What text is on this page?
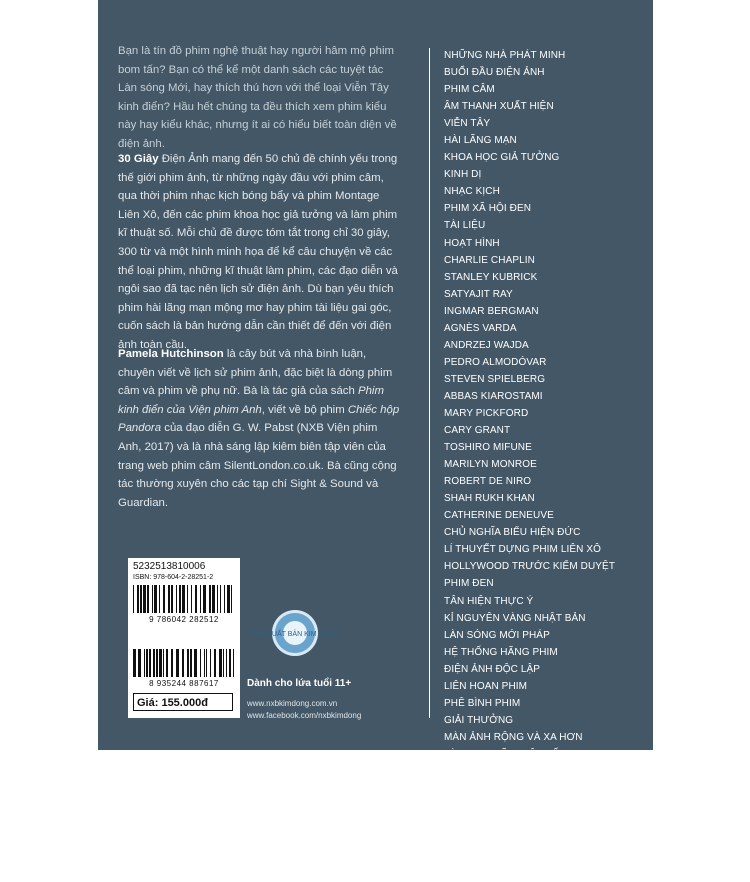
Bạn là tín đồ phim nghệ thuật hay người hâm mộ phim bom tấn? Bạn có thể kể một danh sách các tuyệt tác Làn sóng Mới, hay thích thú hơn với thể loại Viễn Tây kinh điển? Hầu hết chúng ta đều thích xem phim kiểu này hay kiểu khác, nhưng ít ai có hiểu biết toàn diện về điện ảnh.

30 Giây Điện Ảnh mang đến 50 chủ đề chính yếu trong thế giới phim ảnh, từ những ngày đầu với phim câm, qua thời phim nhạc kịch bóng bẩy và phim Montage Liên Xô, đến các phim khoa học giả tưởng và làm phim kĩ thuật số. Mỗi chủ đề được tóm tắt trong chỉ 30 giây, 300 từ và một hình minh họa để kể câu chuyện về các thể loại phim, những kĩ thuật làm phim, các đạo diễn và ngôi sao đã tạc nên lịch sử điện ảnh. Dù bạn yêu thích phim hài lãng mạn mộng mơ hay phim tài liệu gai góc, cuốn sách là bản hướng dẫn cần thiết để đến với điện ảnh toàn cầu.

Pamela Hutchinson là cây bút và nhà bình luận, chuyên viết về lịch sử phim ảnh, đặc biệt là dòng phim câm và phim về phụ nữ. Bà là tác giả của sách Phim kinh điển của Viện phim Anh, viết về bộ phim Chiếc hộp Pandora của đạo diễn G. W. Pabst (NXB Viện phim Anh, 2017) và là nhà sáng lập kiêm biên tập viên của trang web phim câm SilentLondon.co.uk. Bà cũng cộng tác thường xuyên cho các tạp chí Sight & Sound và Guardian.

NHỮNG NHÀ PHÁT MINH
BUỔI ĐẦU ĐIỆN ẢNH
PHIM CÂM
ÂM THANH XUẤT HIỆN
VIỄN TÂY
HÀI LÃNG MẠN
KHOA HỌC GIẢ TƯỞNG
KINH DỊ
NHẠC KỊCH
PHIM XÃ HỘI ĐEN
TÀI LIỆU
HOẠT HÌNH
CHARLIE CHAPLIN
STANLEY KUBRICK
SATYAJIT RAY
INGMAR BERGMAN
AGNÈS VARDA
ANDRZEJ WAJDA
PEDRO ALMODÓVAR
STEVEN SPIELBERG
ABBAS KIAROSTAMI
MARY PICKFORD
CARY GRANT
TOSHIRO MIFUNE
MARILYN MONROE
ROBERT DE NIRO
SHAH RUKH KHAN
CATHERINE DENEUVE
CHỦ NGHĨA BIỂU HIỆN ĐỨC
LÍ THUYẾT DỰNG PHIM LIÊN XÔ
HOLLYWOOD TRƯỚC KIỂM DUYỆT
PHIM ĐEN
TÂN HIỆN THỰC Ý
KỈ NGUYÊN VÀNG NHẬT BẢN
LÀN SÓNG MỚI PHÁP
HỆ THỐNG HÃNG PHIM
ĐIỆN ẢNH ĐỘC LẬP
LIÊN HOAN PHIM
PHÊ BÌNH PHIM
GIẢI THƯỞNG
MÀN ẢNH RỘNG VÀ XA HƠN
LÀM PHIM KĨ THUẬT SỐ
VIDEO GIA ĐÌNH
ĐIỆN ẢNH NGHỆ THUẬT
ĐIỆN ẢNH NỮ QUYỀN
ĐIỆN ẢNH QUEER MỚI
ĐIỆN ẢNH THỬ NGHIỆM
ĐIỆN ẢNH DÂN TỘC HỌC
PHIM THIÊNG
5232513810006
ISBN: 978-604-2-28251-2
9 786042 282512
8 935244 887617
Giá: 155.000đ
NHÀ XUẤT BẢN KIM ĐỒNG
Dành cho lứa tuổi 11+
www.nxbkimdong.com.vn
www.facebook.com/nxbkimdong
